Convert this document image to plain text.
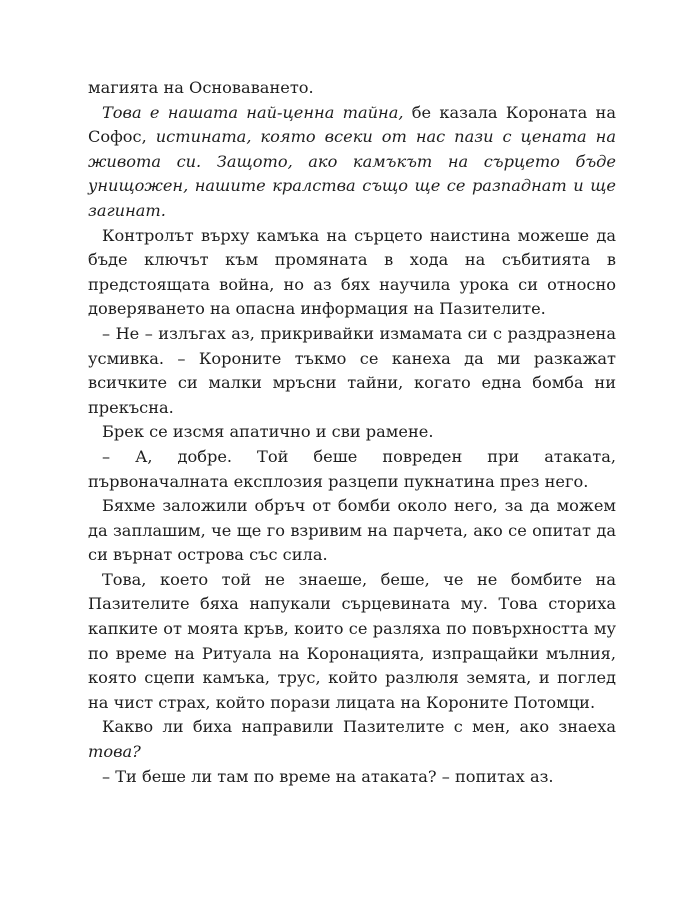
магията на Основаването.

Това е нашата най-ценна тайна, бе казала Короната на Софос, истината, която всеки от нас пази с цената на живота си. Защото, ако камъкът на сърцето бъде унищожен, нашите кралства също ще се разпаднат и ще загинат.

Контролът върху камъка на сърцето наистина можеше да бъде ключът към промяната в хода на събитията в предстоящата война, но аз бях научила урока си относно доверяването на опасна информация на Пазителите.

– Не – излъгах аз, прикривайки измамата си с раздразнена усмивка. – Короните тъкмо се канеха да ми разкажат всичките си малки мръсни тайни, когато една бомба ни прекъсна.

Брек се изсмя апатично и сви рамене.

– А, добре. Той беше повреден при атаката, първоначалната експлозия разцепи пукнатина през него.

Бяхме заложили обръч от бомби около него, за да можем да заплашим, че ще го взривим на парчета, ако се опитат да си върнат острова със сила.

Това, което той не знаеше, беше, че не бомбите на Пазителите бяха напукали сърцевината му. Това сториха капките от моята кръв, които се разляха по повърхността му по време на Ритуала на Коронацията, изпращайки мълния, която сцепи камъка, трус, който разлюля земята, и поглед на чист страх, който порази лицата на Короните Потомци.

Какво ли биха направили Пазителите с мен, ако знаеха това?

– Ти беше ли там по време на атаката? – попитах аз.
